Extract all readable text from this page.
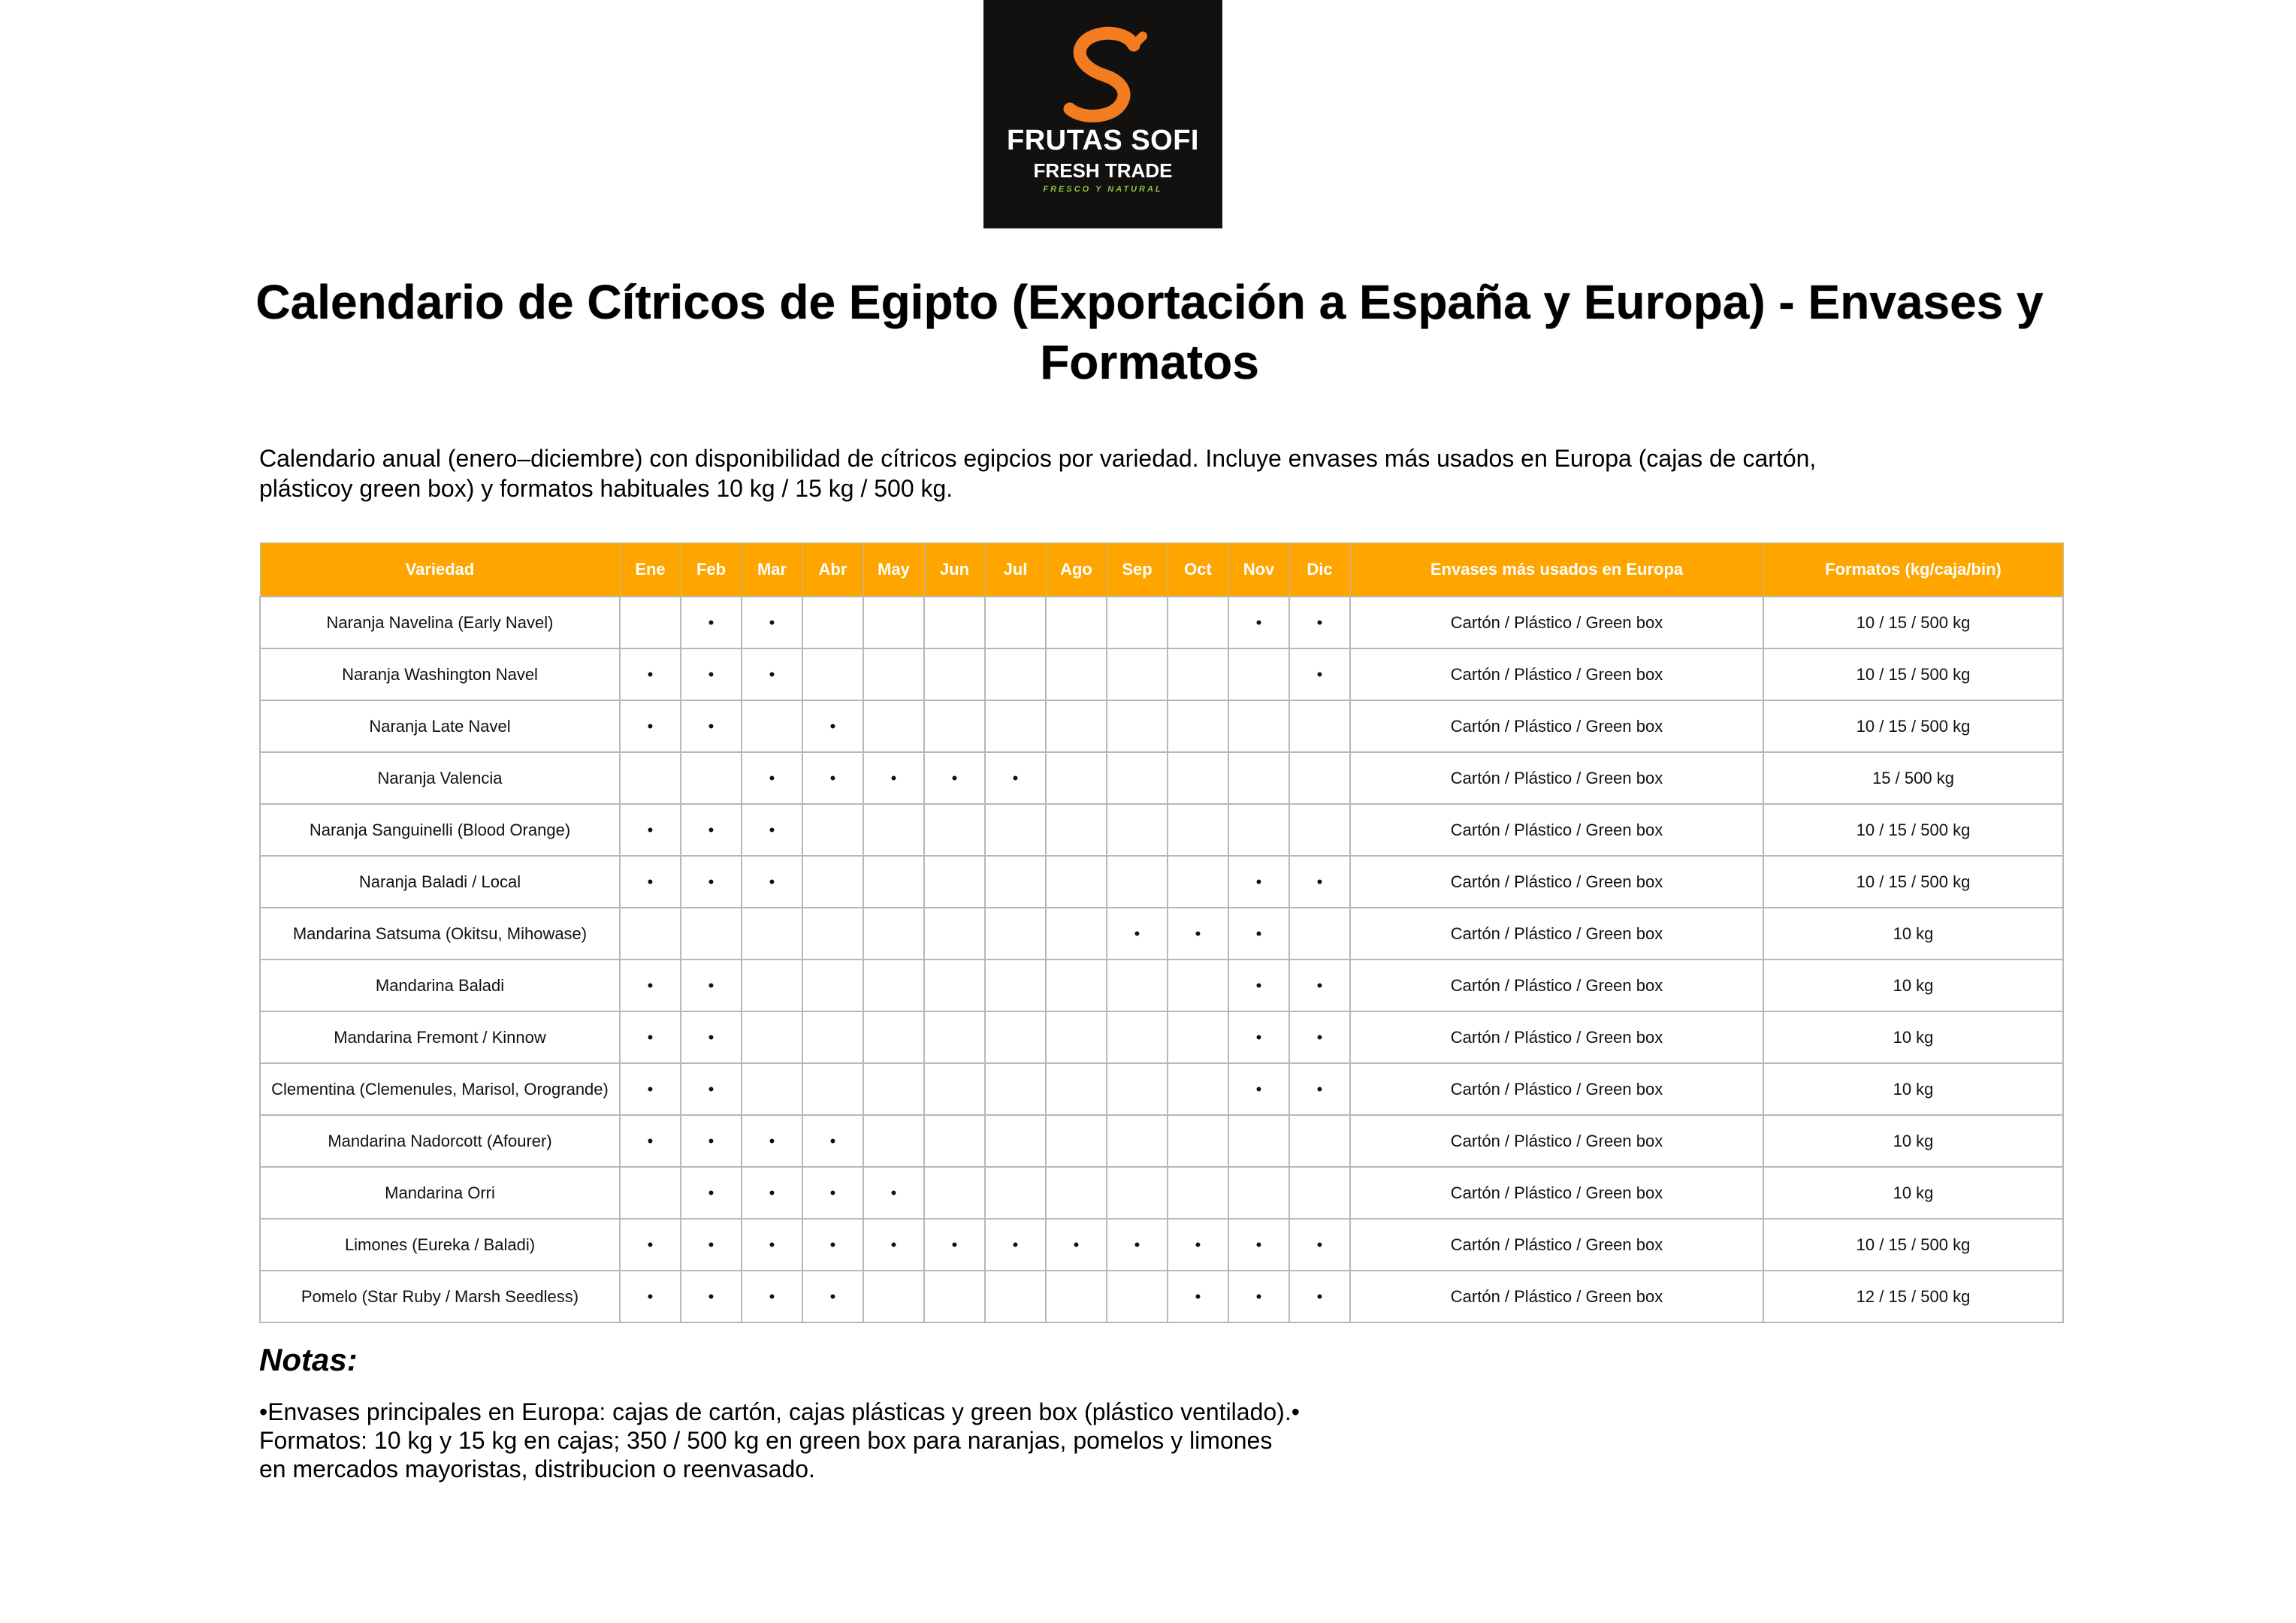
FRUTAS SOFI
FRESH TRADE
FRESCO Y NATURAL
Calendario de Cítricos de Egipto (Exportación a España y Europa) - Envases y Formatos
Calendario anual (enero–diciembre) con disponibilidad de cítricos egipcios por variedad. Incluye envases más usados en Europa (cajas de cartón, plásticoy green box) y formatos habituales 10 kg / 15 kg / 500 kg.
Variedad	Ene	Feb	Mar	Abr	May	Jun	Jul	Ago	Sep	Oct	Nov	Dic	Envases más usados en Europa	Formatos (kg/caja/bin)
Naranja Navelina (Early Navel)		•	•								•	•	Cartón / Plástico / Green box	10 / 15 / 500 kg
Naranja Washington Navel	•	•	•									•	Cartón / Plástico / Green box	10 / 15 / 500 kg
Naranja Late Navel	•	•		•									Cartón / Plástico / Green box	10 / 15 / 500 kg
Naranja Valencia			•	•	•	•	•						Cartón / Plástico / Green box	15 / 500 kg
Naranja Sanguinelli (Blood Orange)	•	•	•										Cartón / Plástico / Green box	10 / 15 / 500 kg
Naranja Baladi / Local	•	•	•								•	•	Cartón / Plástico / Green box	10 / 15 / 500 kg
Mandarina Satsuma (Okitsu, Mihowase)									•	•	•		Cartón / Plástico / Green box	10 kg
Mandarina Baladi	•	•									•	•	Cartón / Plástico / Green box	10 kg
Mandarina Fremont / Kinnow	•	•									•	•	Cartón / Plástico / Green box	10 kg
Clementina (Clemenules, Marisol, Orogrande)	•	•									•	•	Cartón / Plástico / Green box	10 kg
Mandarina Nadorcott (Afourer)	•	•	•	•									Cartón / Plástico / Green box	10 kg
Mandarina Orri		•	•	•	•								Cartón / Plástico / Green box	10 kg
Limones (Eureka / Baladi)	•	•	•	•	•	•	•	•	•	•	•	•	Cartón / Plástico / Green box	10 / 15 / 500 kg
Pomelo (Star Ruby / Marsh Seedless)	•	•	•	•						•	•	•	Cartón / Plástico / Green box	12 / 15 / 500 kg
Notas:
•Envases principales en Europa: cajas de cartón, cajas plásticas y green box (plástico ventilado).•
Formatos: 10 kg y 15 kg en cajas; 350 / 500 kg en green box para naranjas, pomelos y limones
en mercados mayoristas, distribucion o reenvasado.
